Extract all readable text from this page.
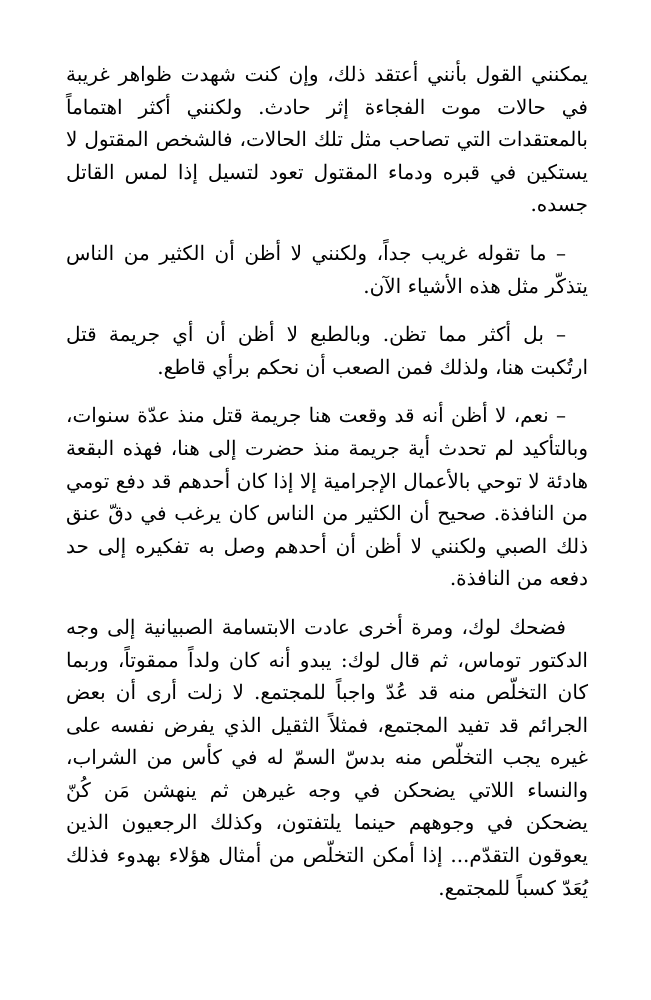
يمكنني القول بأنني أعتقد ذلك، وإن كنت شهدت ظواهر غريبة في حالات موت الفجاءة إثر حادث. ولكنني أكثر اهتماماً بالمعتقدات التي تصاحب مثل تلك الحالات، فالشخص المقتول لا يستكين في قبره ودماء المقتول تعود لتسيل إذا لمس القاتل جسده.

– ما تقوله غريب جداً، ولكنني لا أظن أن الكثير من الناس يتذكّر مثل هذه الأشياء الآن.

– بل أكثر مما تظن. وبالطبع لا أظن أن أي جريمة قتل ارتُكبت هنا، ولذلك فمن الصعب أن نحكم برأي قاطع.

– نعم، لا أظن أنه قد وقعت هنا جريمة قتل منذ عدّة سنوات، وبالتأكيد لم تحدث أية جريمة منذ حضرت إلى هنا، فهذه البقعة هادئة لا توحي بالأعمال الإجرامية إلا إذا كان أحدهم قد دفع تومي من النافذة. صحيح أن الكثير من الناس كان يرغب في دقّ عنق ذلك الصبي ولكنني لا أظن أن أحدهم وصل به تفكيره إلى حد دفعه من النافذة.

فضحك لوك، ومرة أخرى عادت الابتسامة الصبيانية إلى وجه الدكتور توماس، ثم قال لوك: يبدو أنه كان ولداً ممقوتاً، وربما كان التخلّص منه قد عُدّ واجباً للمجتمع. لا زلت أرى أن بعض الجرائم قد تفيد المجتمع، فمثلاً الثقيل الذي يفرض نفسه على غيره يجب التخلّص منه بدسّ السمّ له في كأس من الشراب، والنساء اللاتي يضحكن في وجه غيرهن ثم ينهشن مَن كُنّ يضحكن في وجوههم حينما يلتفتون، وكذلك الرجعيون الذين يعوقون التقدّم... إذا أمكن التخلّص من أمثال هؤلاء بهدوء فذلك يُعَدّ كسباً للمجتمع.
